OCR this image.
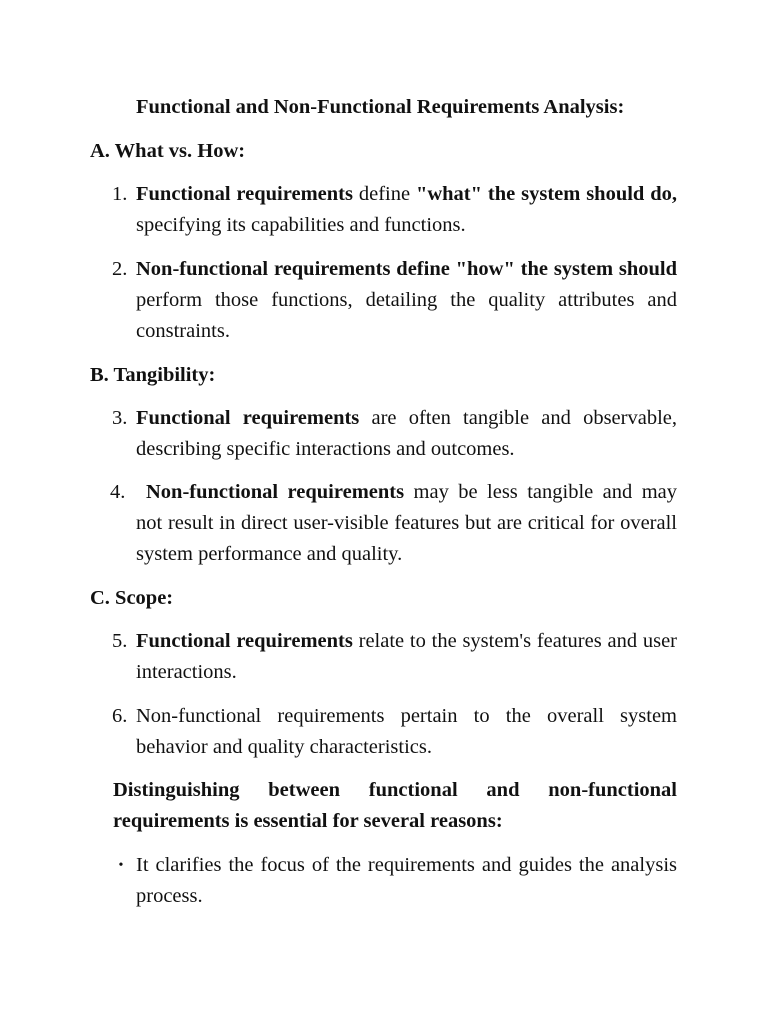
Functional and Non-Functional Requirements Analysis:
A. What vs. How:
1. Functional requirements define "what" the system should do, specifying its capabilities and functions.
2. Non-functional requirements define "how" the system should perform those functions, detailing the quality attributes and constraints.
B. Tangibility:
3. Functional requirements are often tangible and observable, describing specific interactions and outcomes.
4.	Non-functional requirements may be less tangible and may not result in direct user-visible features but are critical for overall system performance and quality.
C. Scope:
5. Functional requirements relate to the system's features and user interactions.
6. Non-functional requirements pertain to the overall system behavior and quality characteristics.
Distinguishing between functional and non-functional requirements is essential for several reasons:
• It clarifies the focus of the requirements and guides the analysis process.
